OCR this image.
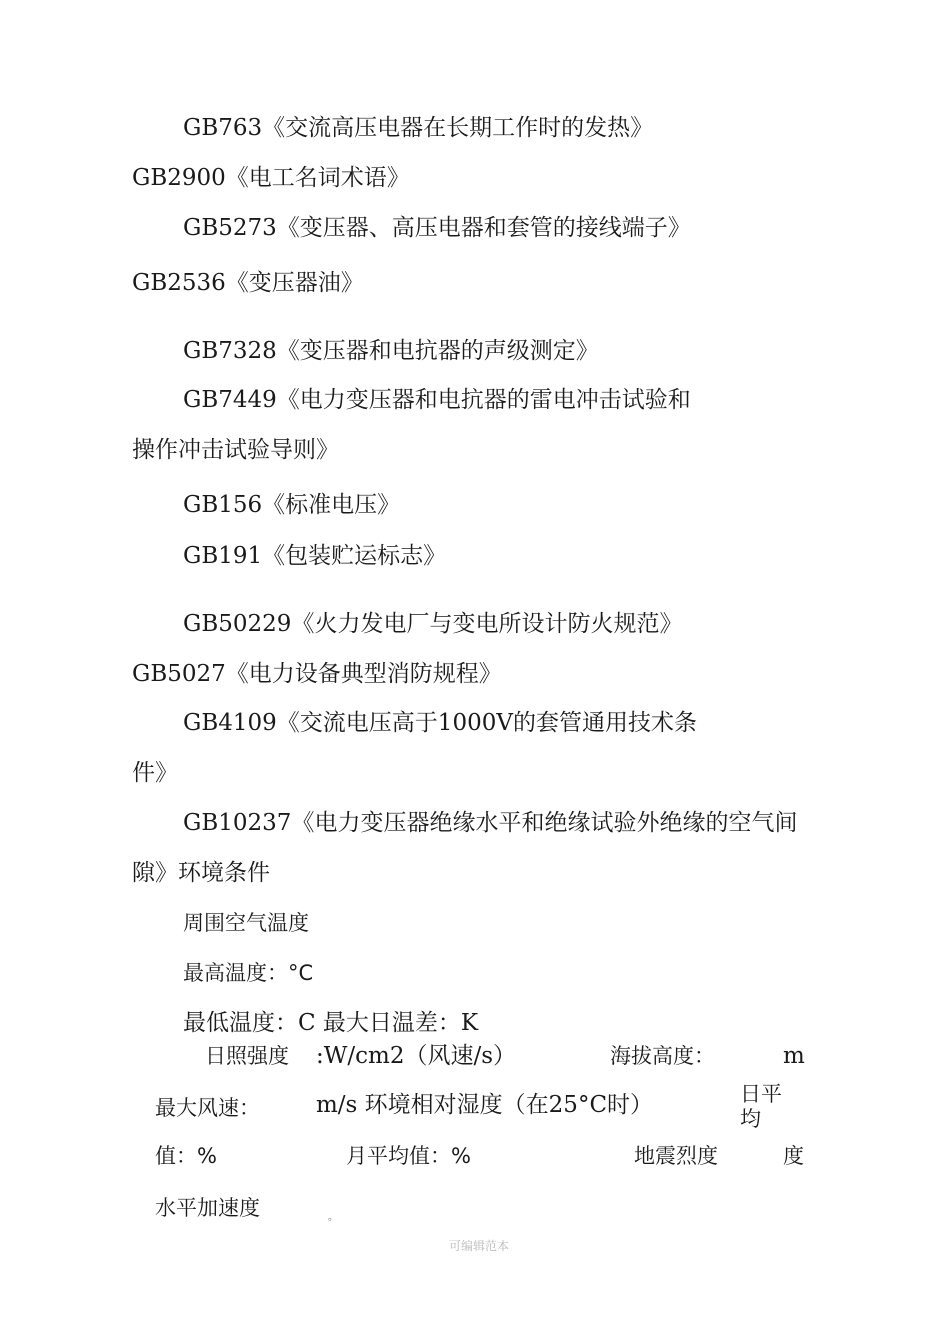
GB763《交流高压电器在长期工作时的发热》
GB2900《电工名词术语》
GB5273《变压器、高压电器和套管的接线端子》
GB2536《变压器油》
GB7328《变压器和电抗器的声级测定》
GB7449《电力变压器和电抗器的雷电冲击试验和
操作冲击试验导则》
GB156《标准电压》
GB191《包装贮运标志》
GB50229《火力发电厂与变电所设计防火规范》
GB5027《电力设备典型消防规程》
GB4109《交流电压高于1000V的套管通用技术条
件》
GB10237《电力变压器绝缘水平和绝缘试验外绝缘的空气间
隙》环境条件
周围空气温度
最高温度：°C
最低温度：C 最大日温差：K
日照强度 :W/cm2（风速/s）	海拔高度：	m
最大风速： m/s 环境相对湿度（在25°C时）	日平均
值：%	月平均值：%	地震烈度	度
水平加速度	。
可编辑范本
